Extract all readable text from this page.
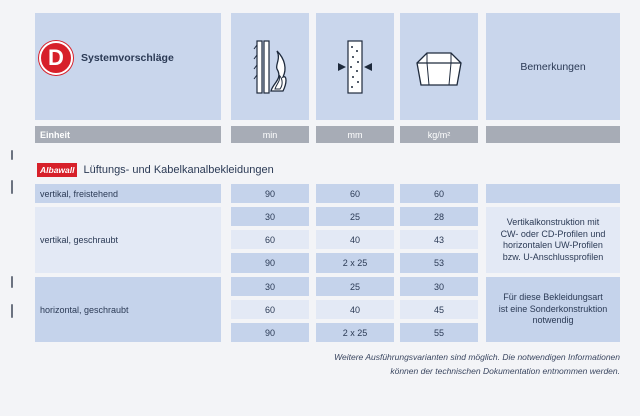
D Systemvorschläge
Bemerkungen
Einheit	min	mm	kg/m²
Albawall Lüftungs- und Kabelkanalbekleidungen
vertikal, freistehend	90	60	60
vertikal, geschraubt
30	25	28
60	40	43
90	2 x 25	53
Vertikalkonstruktion mit
CW- oder CD-Profilen und
horizontalen UW-Profilen
bzw. U-Anschlussprofilen
horizontal, geschraubt
30	25	30
60	40	45
90	2 x 25	55
Für diese Bekleidungsart
ist eine Sonderkonstruktion
notwendig
Weitere Ausführungsvarianten sind möglich. Die notwendigen Informationen
können der technischen Dokumentation entnommen werden.
